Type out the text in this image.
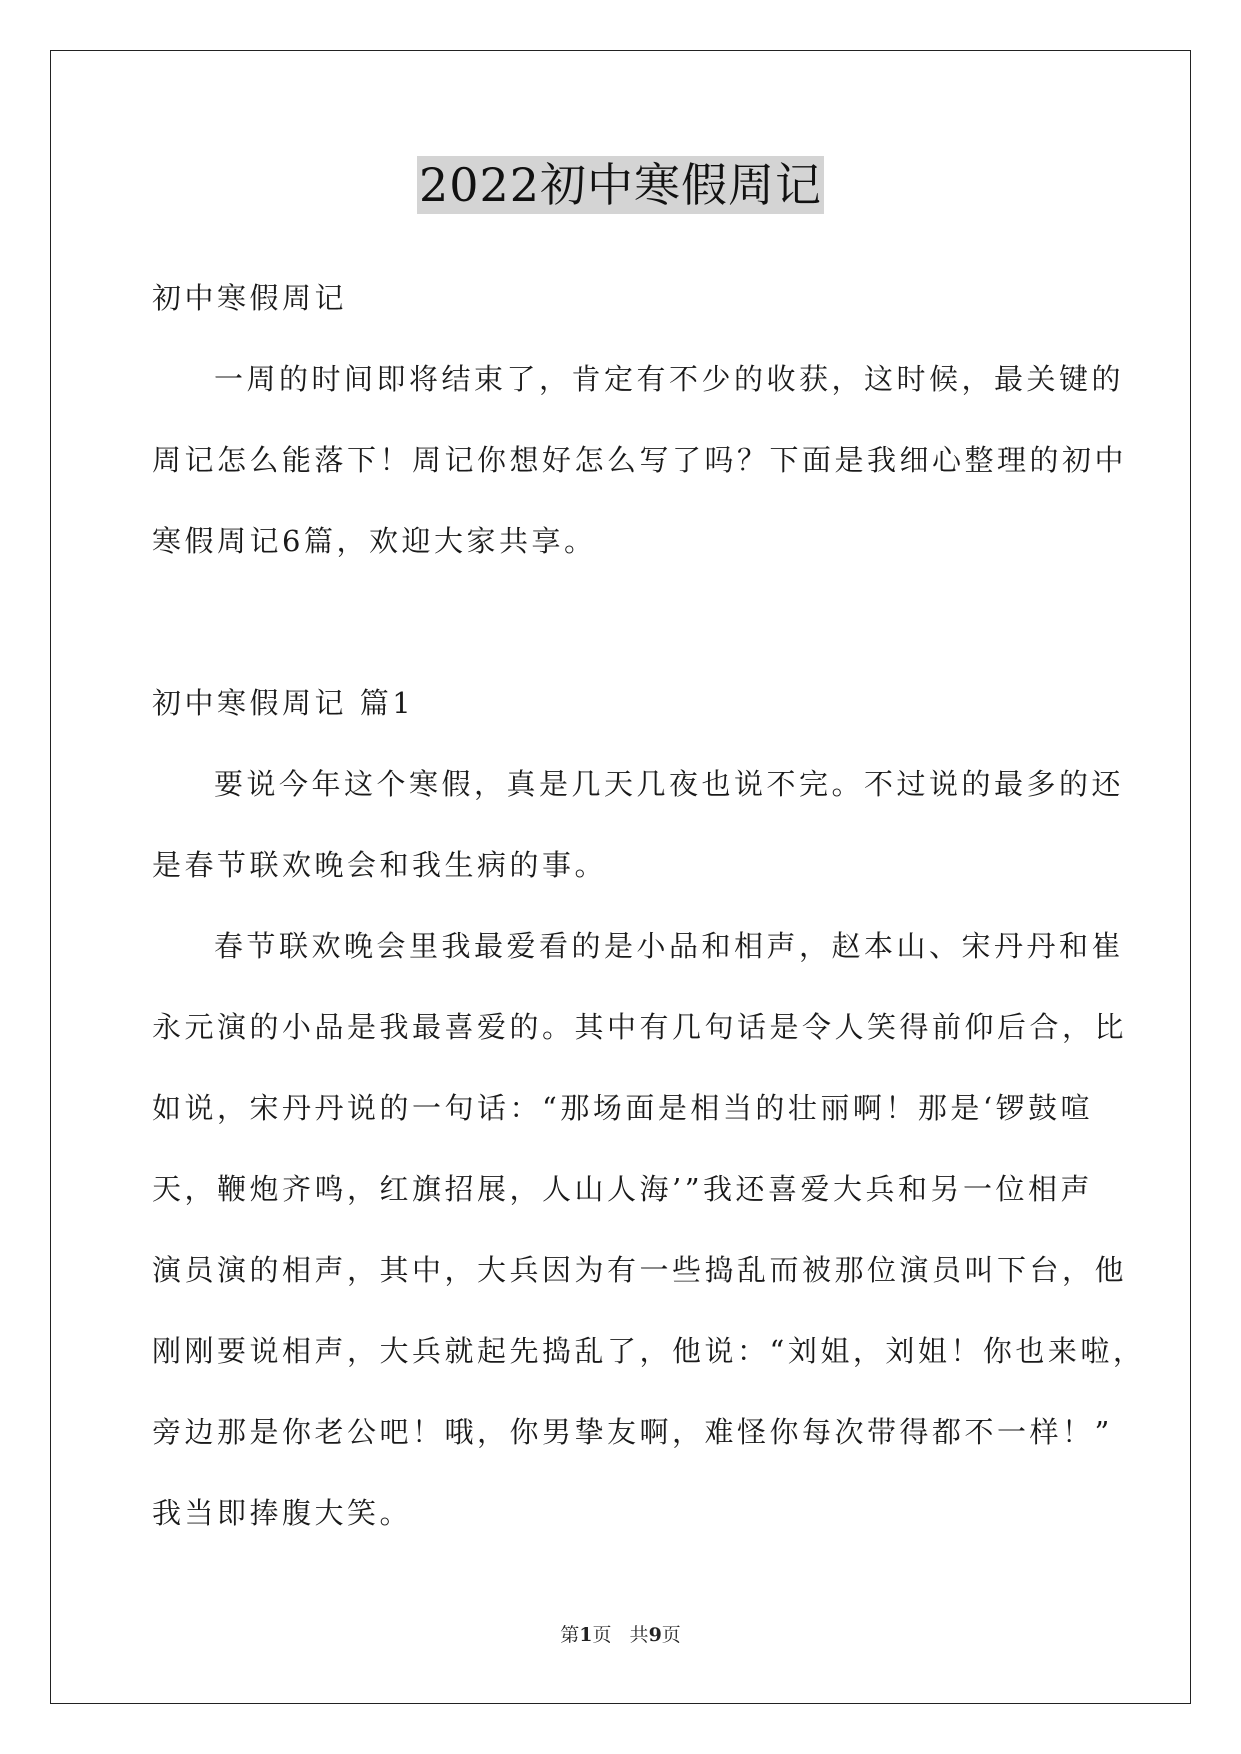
2022初中寒假周记
初中寒假周记
一周的时间即将结束了，肯定有不少的收获，这时候，最关键的
周记怎么能落下！周记你想好怎么写了吗？下面是我细心整理的初中
寒假周记6篇，欢迎大家共享。
初中寒假周记 篇1
要说今年这个寒假，真是几天几夜也说不完。不过说的最多的还
是春节联欢晚会和我生病的事。
春节联欢晚会里我最爱看的是小品和相声，赵本山、宋丹丹和崔
永元演的小品是我最喜爱的。其中有几句话是令人笑得前仰后合，比
如说，宋丹丹说的一句话：“那场面是相当的壮丽啊！那是‘锣鼓喧
天，鞭炮齐鸣，红旗招展，人山人海’”我还喜爱大兵和另一位相声
演员演的相声，其中，大兵因为有一些捣乱而被那位演员叫下台，他
刚刚要说相声，大兵就起先捣乱了，他说：“刘姐，刘姐！你也来啦，
旁边那是你老公吧！哦，你男挚友啊，难怪你每次带得都不一样！”
我当即捧腹大笑。
第1页   共9页
